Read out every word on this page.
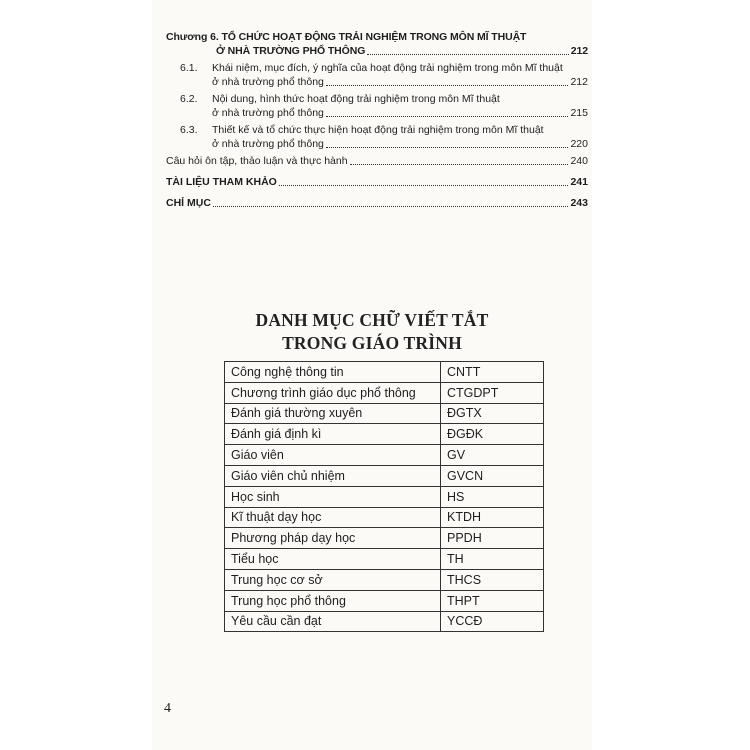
Chương 6. TỔ CHỨC HOẠT ĐỘNG TRẢI NGHIỆM TRONG MÔN MĨ THUẬT
Ở NHÀ TRƯỜNG PHỔ THÔNG	212
6.1.	Khái niệm, mục đích, ý nghĩa của hoạt động trải nghiệm trong môn Mĩ thuật
ở nhà trường phổ thông	212
6.2.	Nội dung, hình thức hoạt động trải nghiệm trong môn Mĩ thuật
ở nhà trường phổ thông	215
6.3.	Thiết kế và tổ chức thực hiện hoạt động trải nghiệm trong môn Mĩ thuật
ở nhà trường phổ thông	220
Câu hỏi ôn tập, thảo luận và thực hành	240
TÀI LIỆU THAM KHẢO	241
CHỈ MỤC	243
DANH MỤC CHỮ VIẾT TẮT
TRONG GIÁO TRÌNH
Công nghệ thông tin	CNTT
Chương trình giáo dục phổ thông	CTGDPT
Đánh giá thường xuyên	ĐGTX
Đánh giá định kì	ĐGĐK
Giáo viên	GV
Giáo viên chủ nhiệm	GVCN
Học sinh	HS
Kĩ thuật dạy học	KTDH
Phương pháp dạy học	PPDH
Tiểu học	TH
Trung học cơ sở	THCS
Trung học phổ thông	THPT
Yêu cầu cần đạt	YCCĐ
4
